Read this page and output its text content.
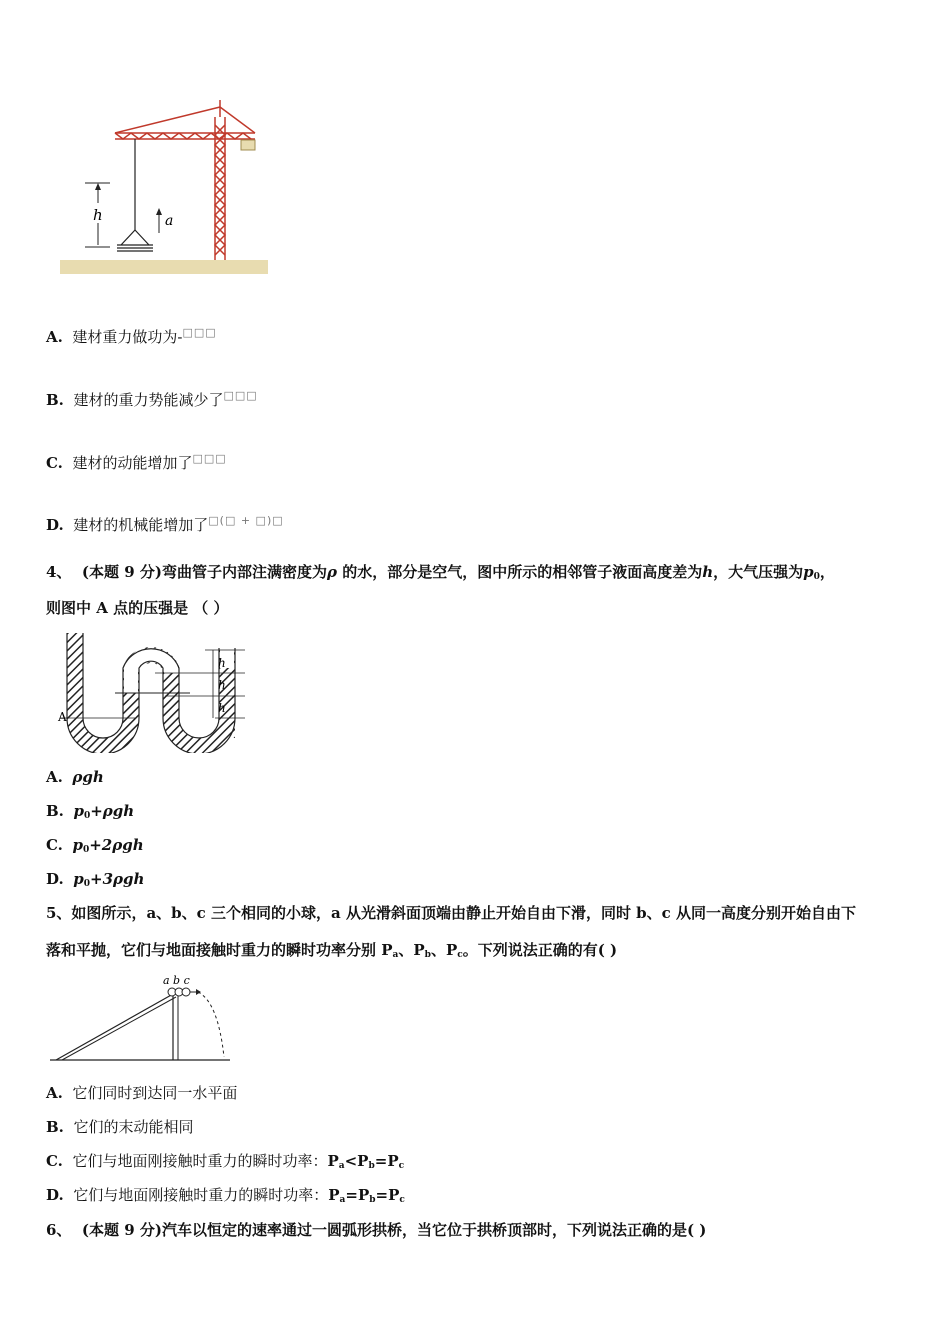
h	a
A. 建材重力做功为-□□□
B. 建材的重力势能减少了□□□
C. 建材的动能增加了□□□
D. 建材的机械能增加了□(□ + □)□
4、 (本题 9 分)弯曲管子内部注满密度为ρ 的水，部分是空气，图中所示的相邻管子液面高度差为h，大气压强为$p_0$，
则图中 A 点的压强是 （ ）
h
h
h
A
A. ρgh
B. $p_0+\rho gh$
C. $p_0+2\rho gh$
D. $p_0+3\rho gh$
5、如图所示，a、b、c 三个相同的小球，a 从光滑斜面顶端由静止开始自由下滑，同时 b、c 从同一高度分别开始自由下
落和平抛，它们与地面接触时重力的瞬时功率分别 $P_a$、$P_b$、$P_c$。下列说法正确的有( )
a b c
A. 它们同时到达同一水平面
B. 它们的末动能相同
C. 它们与地面刚接触时重力的瞬时功率：$P_a<P_b=P_c$
D. 它们与地面刚接触时重力的瞬时功率：$P_a=P_b=P_c$
6、 (本题 9 分)汽车以恒定的速率通过一圆弧形拱桥，当它位于拱桥顶部时，下列说法正确的是( )
